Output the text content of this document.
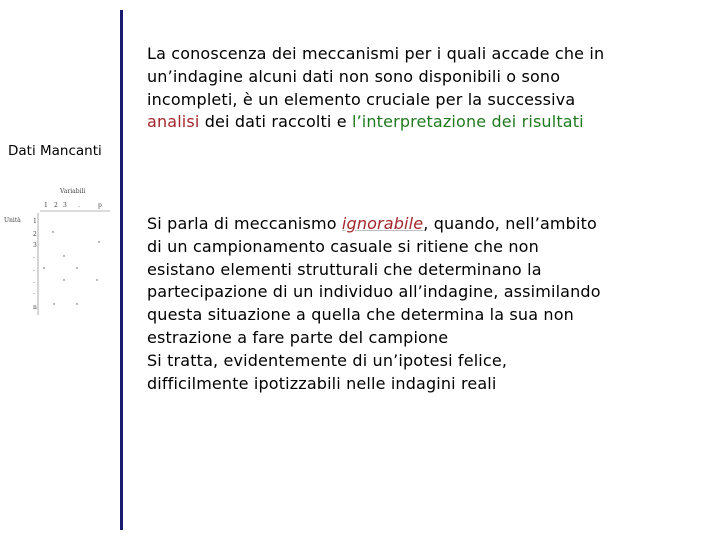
Dati Mancanti
Variabili
1 2 3 .	p
Unità 1
2
3
.
.
.
.
n
La conoscenza dei meccanismi per i quali accade che in
un’indagine alcuni dati non sono disponibili o sono
incompleti, è un elemento cruciale per la successiva
analisi dei dati raccolti e l’interpretazione dei risultati
Si parla di meccanismo ignorabile, quando, nell’ambito
di un campionamento casuale si ritiene che non
esistano elementi strutturali che determinano la
partecipazione di un individuo all’indagine, assimilando
questa situazione a quella che determina la sua non
estrazione a fare parte del campione
Si tratta, evidentemente di un’ipotesi felice,
difficilmente ipotizzabili nelle indagini reali
